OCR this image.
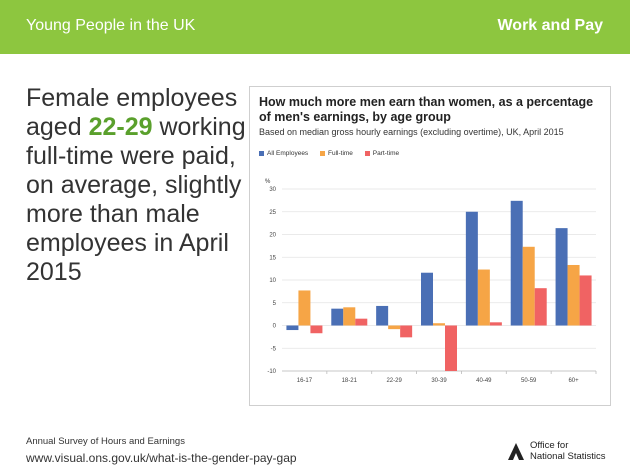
Young People in the UK	Work and Pay
Female employees aged 22-29 working full-time were paid, on average, slightly more than male employees in April 2015
How much more men earn than women, as a percentage of men's earnings, by age group
Based on median gross hourly earnings (excluding overtime), UK, April 2015
All Employees	Full-time	Part-time
%
30
25
20
15
10
5
0
-5
-10
16-17	18-21	22-29	30-39	40-49	50-59	60+
Annual Survey of Hours and Earnings
www.visual.ons.gov.uk/what-is-the-gender-pay-gap
Office for
National Statistics
